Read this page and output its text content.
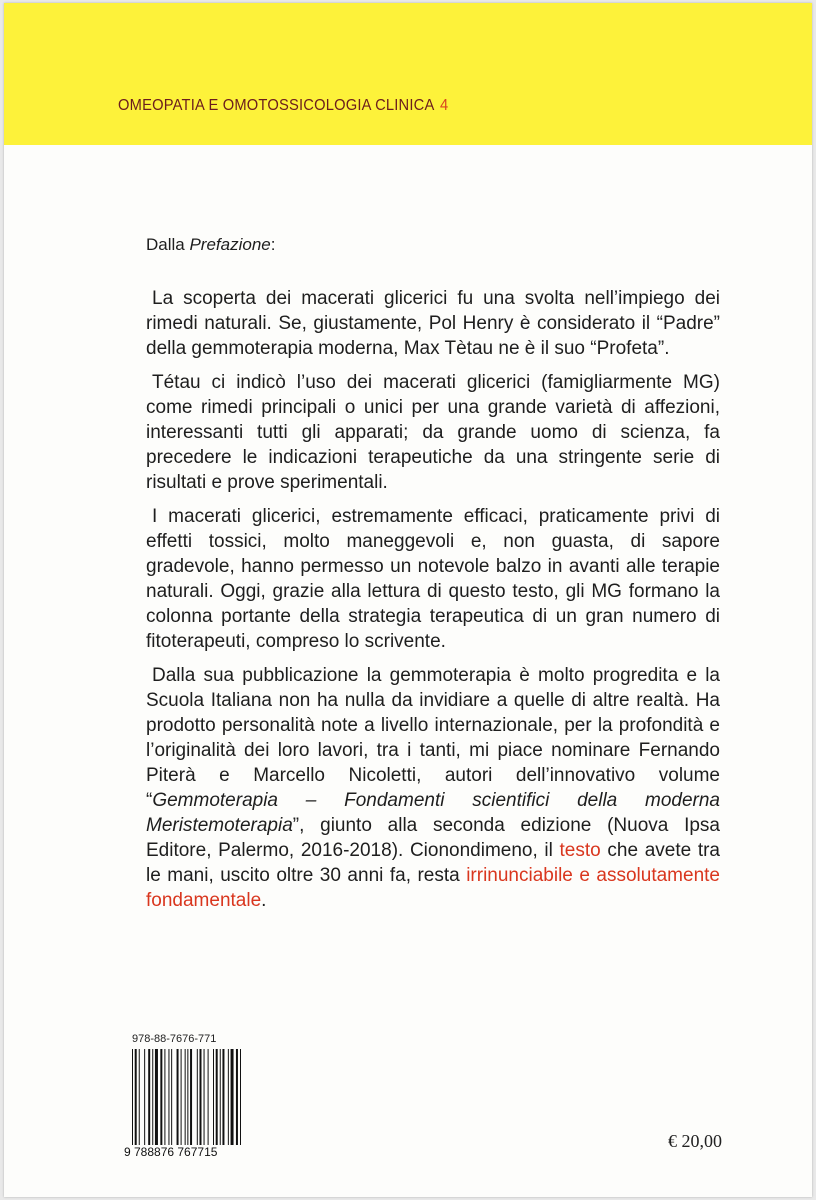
OMEOPATIA E OMOTOSSICOLOGIA CLINICA 4

Dalla Prefazione:

La scoperta dei macerati glicerici fu una svolta nell’impiego dei rimedi naturali. Se, giustamente, Pol Henry è considerato il “Padre” della gemmoterapia moderna, Max Tètau ne è il suo “Profeta”.

Tétau ci indicò l’uso dei macerati glicerici (famigliarmente MG) come rimedi principali o unici per una grande varietà di affezioni, interessanti tutti gli apparati; da grande uomo di scienza, fa precedere le indicazioni terapeutiche da una stringente serie di risultati e prove sperimentali.

I macerati glicerici, estremamente efficaci, praticamente privi di effetti tossici, molto maneggevoli e, non guasta, di sapore gradevole, hanno permesso un notevole balzo in avanti alle terapie naturali. Oggi, grazie alla lettura di questo testo, gli MG formano la colonna portante della strategia terapeutica di un gran numero di fitoterapeuti, compreso lo scrivente.

Dalla sua pubblicazione la gemmoterapia è molto progredita e la Scuola Italiana non ha nulla da invidiare a quelle di altre realtà. Ha prodotto personalità note a livello internazionale, per la profondità e l’originalità dei loro lavori, tra i tanti, mi piace nominare Fernando Piterà e Marcello Nicoletti, autori dell’innovativo volume “Gemmoterapia – Fondamenti scientifici della moderna Meristemoterapia”, giunto alla seconda edizione (Nuova Ipsa Editore, Palermo, 2016-2018). Cionondimeno, il testo che avete tra le mani, uscito oltre 30 anni fa, resta irrinunciabile e assolutamente fondamentale.

978-88-7676-771

9 788876 767715

€ 20,00
